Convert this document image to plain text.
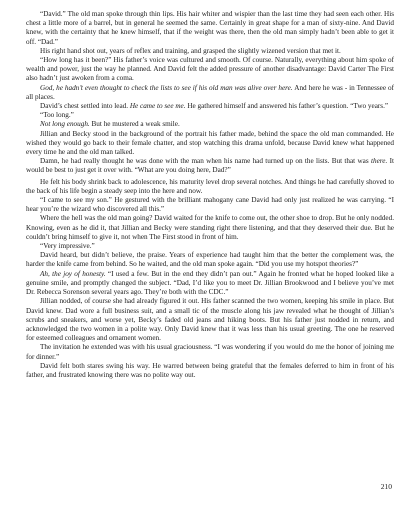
“David.” The old man spoke through thin lips. His hair whiter and wispier than the last time they had seen each other. His chest a little more of a barrel, but in general he seemed the same. Certainly in great shape for a man of sixty-nine. And David knew, with the certainty that he knew himself, that if the weight was there, then the old man simply hadn’t been able to get it off. “Dad.”

His right hand shot out, years of reflex and training, and grasped the slightly wizened version that met it.

“How long has it been?” His father’s voice was cultured and smooth. Of course. Naturally, everything about him spoke of wealth and power, just the way he planned. And David felt the added pressure of another disadvantage: David Carter The First also hadn’t just awoken from a coma.

God, he hadn’t even thought to check the lists to see if his old man was alive over here. And here he was - in Tennessee of all places.

David’s chest settled into lead. He came to see me. He gathered himself and answered his father’s question. “Two years.”

“Too long.”

Not long enough. But he mustered a weak smile.

Jillian and Becky stood in the background of the portrait his father made, behind the space the old man commanded. He wished they would go back to their female chatter, and stop watching this drama unfold, because David knew what happened every time he and the old man talked.

Damn, he had really thought he was done with the man when his name had turned up on the lists. But that was there. It would be best to just get it over with. “What are you doing here, Dad?”

He felt his body shrink back to adolescence, his maturity level drop several notches. And things he had carefully shoved to the back of his life begin a steady seep into the here and now.

“I came to see my son.” He gestured with the brilliant mahogany cane David had only just realized he was carrying. “I hear you’re the wizard who discovered all this.”

Where the hell was the old man going? David waited for the knife to come out, the other shoe to drop. But he only nodded. Knowing, even as he did it, that Jillian and Becky were standing right there listening, and that they deserved their due. But he couldn’t bring himself to give it, not when The First stood in front of him.

“Very impressive.”

David heard, but didn’t believe, the praise. Years of experience had taught him that the better the complement was, the harder the knife came from behind. So he waited, and the old man spoke again. “Did you use my hotspot theories?”

Ah, the joy of honesty. “I used a few. But in the end they didn’t pan out.” Again he fronted what he hoped looked like a genuine smile, and promptly changed the subject. “Dad, I’d like you to meet Dr. Jillian Brookwood and I believe you’ve met Dr. Rebecca Sorenson several years ago. They’re both with the CDC.”

Jillian nodded, of course she had already figured it out. His father scanned the two women, keeping his smile in place. But David knew. Dad wore a full business suit, and a small tic of the muscle along his jaw revealed what he thought of Jillian’s scrubs and sneakers, and worse yet, Becky’s faded old jeans and hiking boots. But his father just nodded in return, and acknowledged the two women in a polite way. Only David knew that it was less than his usual greeting. The one he reserved for esteemed colleagues and ornament women.

The invitation he extended was with his usual graciousness. “I was wondering if you would do me the honor of joining me for dinner.”

David felt both stares swing his way. He warred between being grateful that the females deferred to him in front of his father, and frustrated knowing there was no polite way out.

210
